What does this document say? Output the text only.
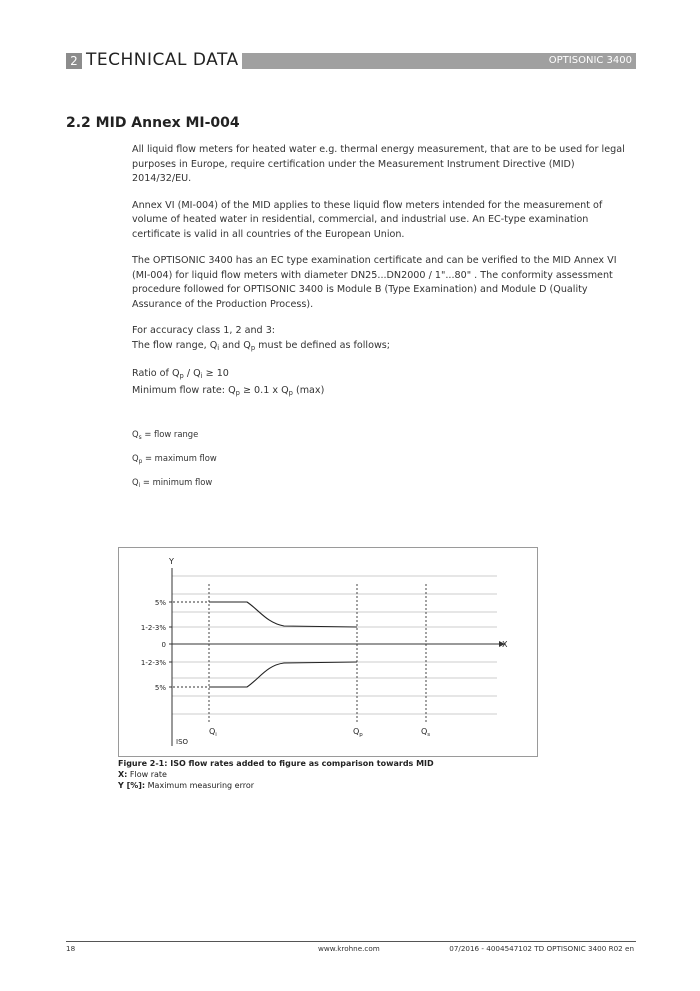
2 TECHNICAL DATA	OPTISONIC 3400
2.2 MID Annex MI-004

All liquid flow meters for heated water e.g. thermal energy measurement, that are to be used for legal purposes in Europe, require certification under the Measurement Instrument Directive (MID) 2014/32/EU.

Annex VI (MI-004) of the MID applies to these liquid flow meters intended for the measurement of volume of heated water in residential, commercial, and industrial use. An EC-type examination certificate is valid in all countries of the European Union.

The OPTISONIC 3400 has an EC type examination certificate and can be verified to the MID Annex VI (MI-004) for liquid flow meters with diameter DN25...DN2000 / 1"...80" . The conformity assessment procedure followed for OPTISONIC 3400 is Module B (Type Examination) and Module D (Quality Assurance of the Production Process).

For accuracy class 1, 2 and 3:

The flow range, $Q_i$ and $Q_p$ must be defined as follows;

Ratio of $Q_p / Q_i \ge 10$

Minimum flow rate: $Q_p \ge 0.1$ x $Q_p$ (max)

$Q_s$ = flow range
$Q_p$ = maximum flow
$Q_i$ = minimum flow
Y
X
5%
1-2-3%
0
1-2-3%
5%
$Q_i$	$Q_p$	$Q_s$
ISO
Figure 2-1: ISO flow rates added to figure as comparison towards MID
X: Flow rate
Y [%]: Maximum measuring error
18	www.krohne.com	07/2016 - 4004547102 TD OPTISONIC 3400 R02 en
